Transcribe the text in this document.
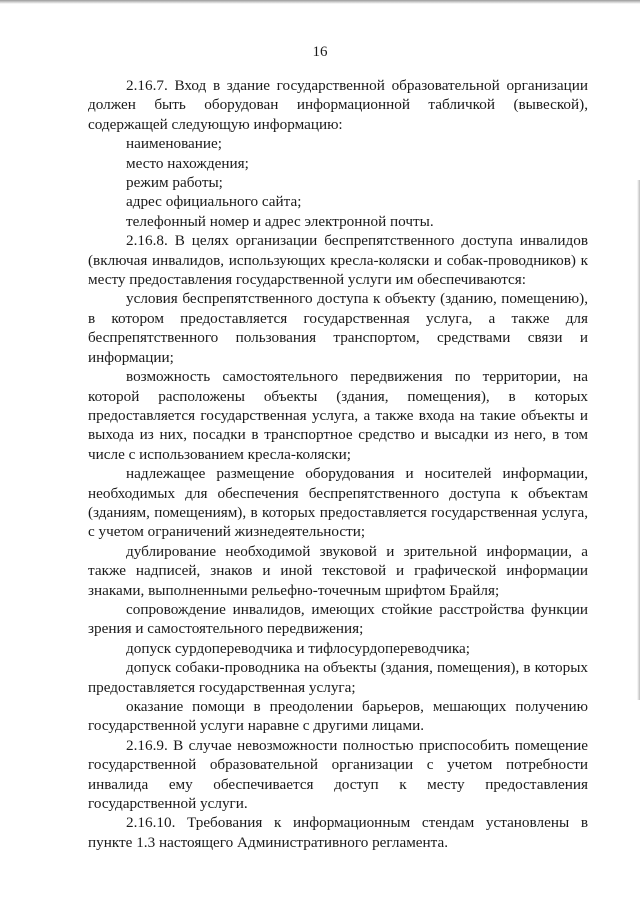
16

2.16.7. Вход в здание государственной образовательной организации должен быть оборудован информационной табличкой (вывеской), содержащей следующую информацию:

наименование;

место нахождения;

режим работы;

адрес официального сайта;

телефонный номер и адрес электронной почты.

2.16.8. В целях организации беспрепятственного доступа инвалидов (включая инвалидов, использующих кресла-коляски и собак-проводников) к месту предоставления государственной услуги им обеспечиваются:

условия беспрепятственного доступа к объекту (зданию, помещению), в котором предоставляется государственная услуга, а также для беспрепятственного пользования транспортом, средствами связи и информации;

возможность самостоятельного передвижения по территории, на которой расположены объекты (здания, помещения), в которых предоставляется государственная услуга, а также входа на такие объекты и выхода из них, посадки в транспортное средство и высадки из него, в том числе с использованием кресла-коляски;

надлежащее размещение оборудования и носителей информации, необходимых для обеспечения беспрепятственного доступа к объектам (зданиям, помещениям), в которых предоставляется государственная услуга, с учетом ограничений жизнедеятельности;

дублирование необходимой звуковой и зрительной информации, а также надписей, знаков и иной текстовой и графической информации знаками, выполненными рельефно-точечным шрифтом Брайля;

сопровождение инвалидов, имеющих стойкие расстройства функции зрения и самостоятельного передвижения;

допуск сурдопереводчика и тифлосурдопереводчика;

допуск собаки-проводника на объекты (здания, помещения), в которых предоставляется государственная услуга;

оказание помощи в преодолении барьеров, мешающих получению государственной услуги наравне с другими лицами.

2.16.9. В случае невозможности полностью приспособить помещение государственной образовательной организации с учетом потребности инвалида ему обеспечивается доступ к месту предоставления государственной услуги.

2.16.10. Требования к информационным стендам установлены в пункте 1.3 настоящего Административного регламента.
